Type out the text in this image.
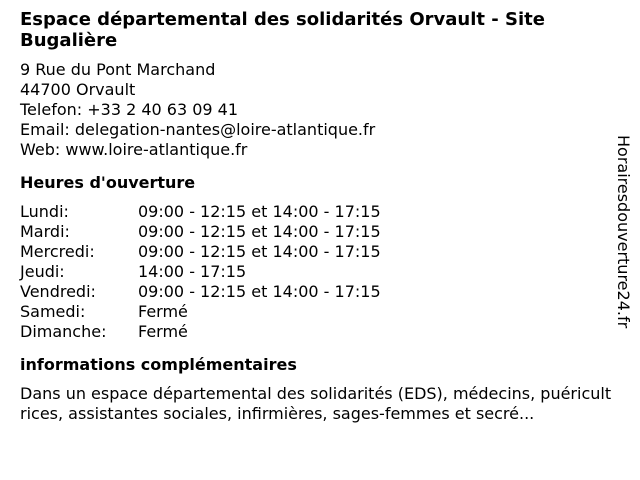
Espace départemental des solidarités Orvault - Site Bugalière
9 Rue du Pont Marchand
44700 Orvault
Telefon: +33 2 40 63 09 41
Email: delegation-nantes@loire-atlantique.fr
Web: www.loire-atlantique.fr
Heures d'ouverture
Lundi:	09:00 - 12:15 et 14:00 - 17:15
Mardi:	09:00 - 12:15 et 14:00 - 17:15
Mercredi:	09:00 - 12:15 et 14:00 - 17:15
Jeudi:	14:00 - 17:15
Vendredi:	09:00 - 12:15 et 14:00 - 17:15
Samedi:	Fermé
Dimanche:	Fermé
informations complémentaires
Dans un espace départemental des solidarités (EDS), médecins, puéricultrices, assistantes sociales, infirmières, sages-femmes et secré...
Horairesdouverture24.fr
